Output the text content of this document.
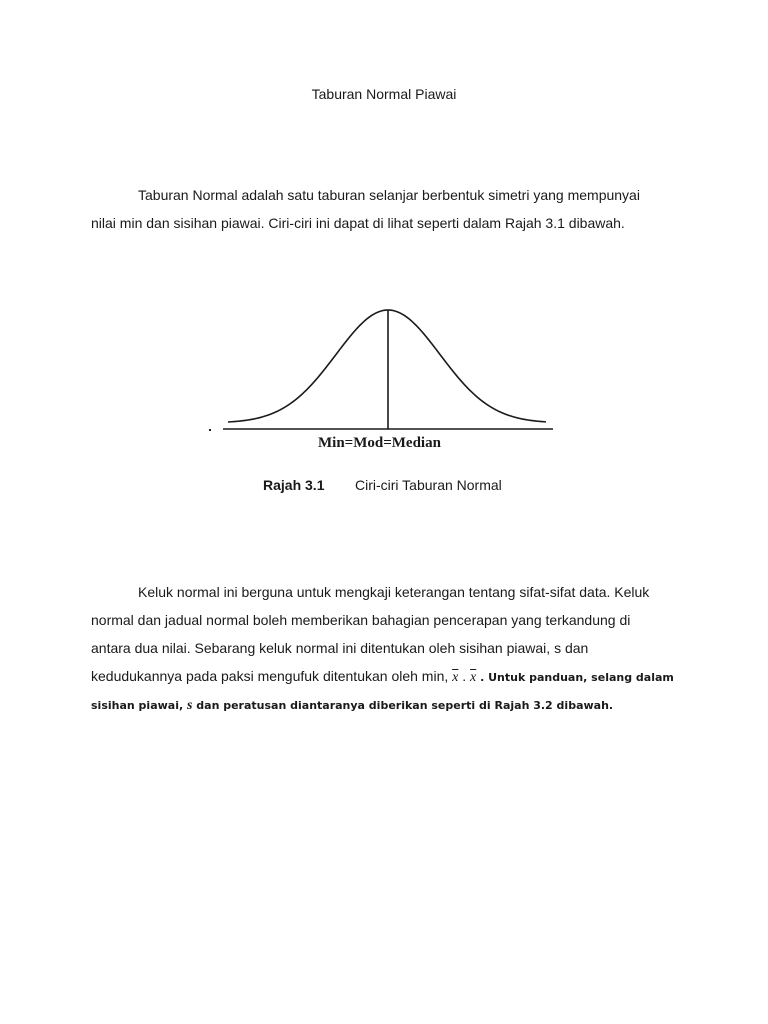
Taburan Normal Piawai
Taburan Normal adalah satu taburan selanjar berbentuk simetri yang mempunyai
nilai min dan sisihan piawai. Ciri-ciri ini dapat di lihat seperti dalam Rajah 3.1 dibawah.
Min=Mod=Median
Rajah 3.1 Ciri-ciri Taburan Normal
Keluk normal ini berguna untuk mengkaji keterangan tentang sifat-sifat data. Keluk
normal dan jadual normal boleh memberikan bahagian pencerapan yang terkandung di
antara dua nilai. Sebarang keluk normal ini ditentukan oleh sisihan piawai, s dan
kedudukannya pada paksi mengufuk ditentukan oleh min, $\overline{x}$ . $\overline{x}$ . Untuk panduan, selang dalam
sisihan piawai, s dan peratusan diantaranya diberikan seperti di Rajah 3.2 dibawah.
